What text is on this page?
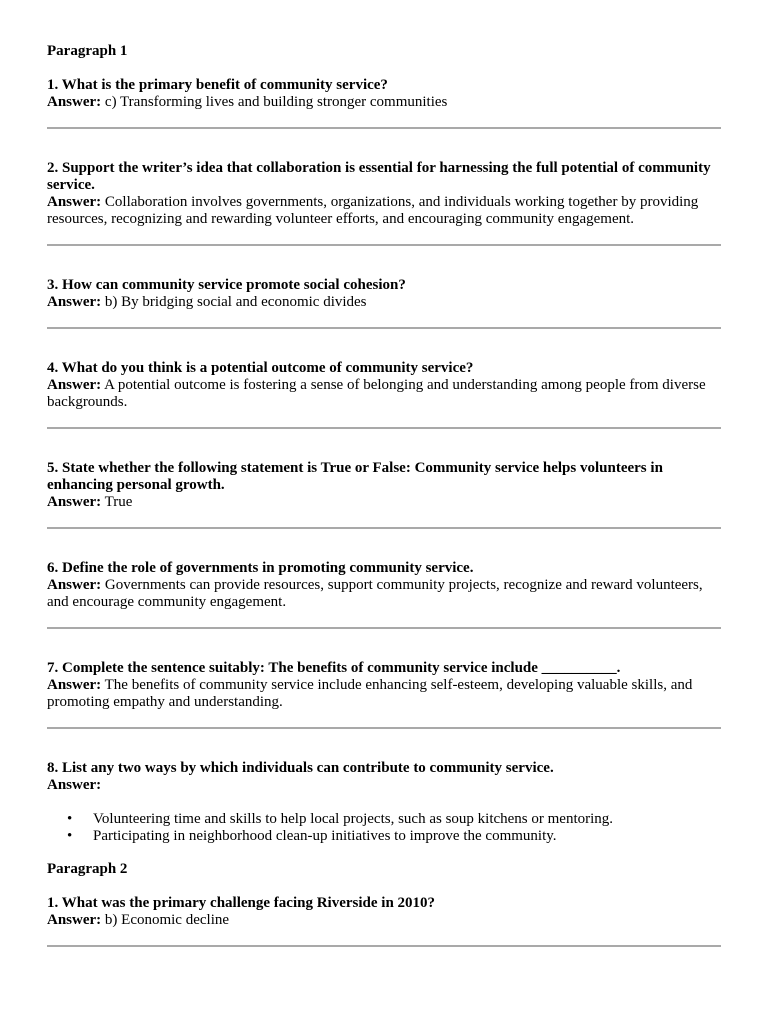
Paragraph 1

1. What is the primary benefit of community service?

Answer: c) Transforming lives and building stronger communities

2. Support the writer’s idea that collaboration is essential for harnessing the full potential of community service.

Answer: Collaboration involves governments, organizations, and individuals working together by providing resources, recognizing and rewarding volunteer efforts, and encouraging community engagement.

3. How can community service promote social cohesion?

Answer: b) By bridging social and economic divides

4. What do you think is a potential outcome of community service?

Answer: A potential outcome is fostering a sense of belonging and understanding among people from diverse backgrounds.

5. State whether the following statement is True or False: Community service helps volunteers in enhancing personal growth.

Answer: True

6. Define the role of governments in promoting community service.

Answer: Governments can provide resources, support community projects, recognize and reward volunteers, and encourage community engagement.

7. Complete the sentence suitably: The benefits of community service include __________.

Answer: The benefits of community service include enhancing self-esteem, developing valuable skills, and promoting empathy and understanding.

8. List any two ways by which individuals can contribute to community service.

Answer:

• Volunteering time and skills to help local projects, such as soup kitchens or mentoring.
• Participating in neighborhood clean-up initiatives to improve the community.

Paragraph 2

1. What was the primary challenge facing Riverside in 2010?

Answer: b) Economic decline
